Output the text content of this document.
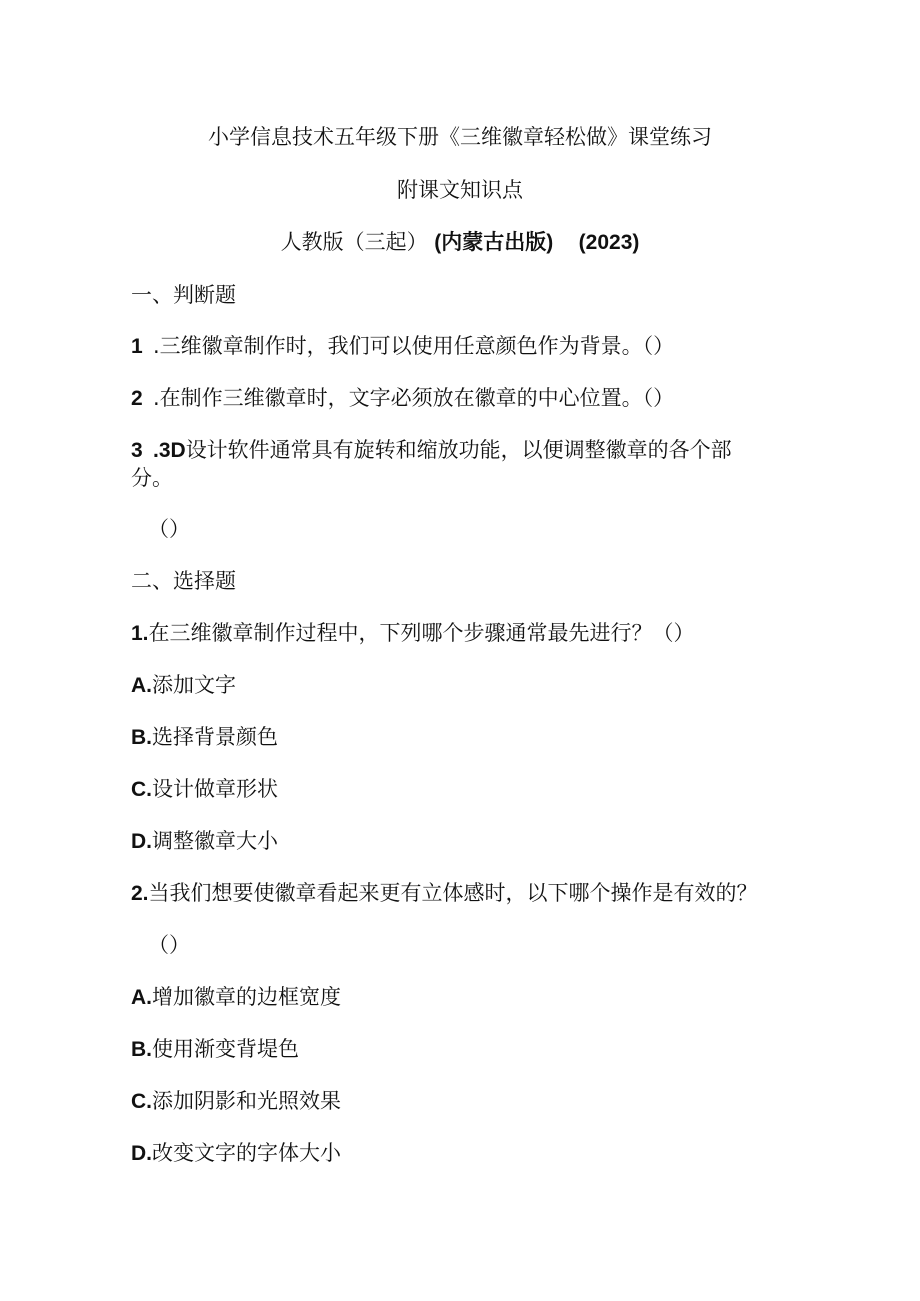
小学信息技术五年级下册《三维徽章轻松做》课堂练习
附课文知识点
人教版（三起） (内蒙古出版) (2023)
一、判断题
1 .三维徽章制作时，我们可以使用任意颜色作为背景。（）
2 .在制作三维徽章时，文字必须放在徽章的中心位置。（）
3 .3D设计软件通常具有旋转和缩放功能，以便调整徽章的各个部
分。
（）
二、选择题
1.在三维徽章制作过程中，下列哪个步骤通常最先进行？（）
A.添加文字
B.选择背景颜色
C.设计做章形状
D.调整徽章大小
2.当我们想要使徽章看起来更有立体感时，以下哪个操作是有效的？
（）
A.增加徽章的边框宽度
B.使用渐变背堤色
C.添加阴影和光照效果
D.改变文字的字体大小
